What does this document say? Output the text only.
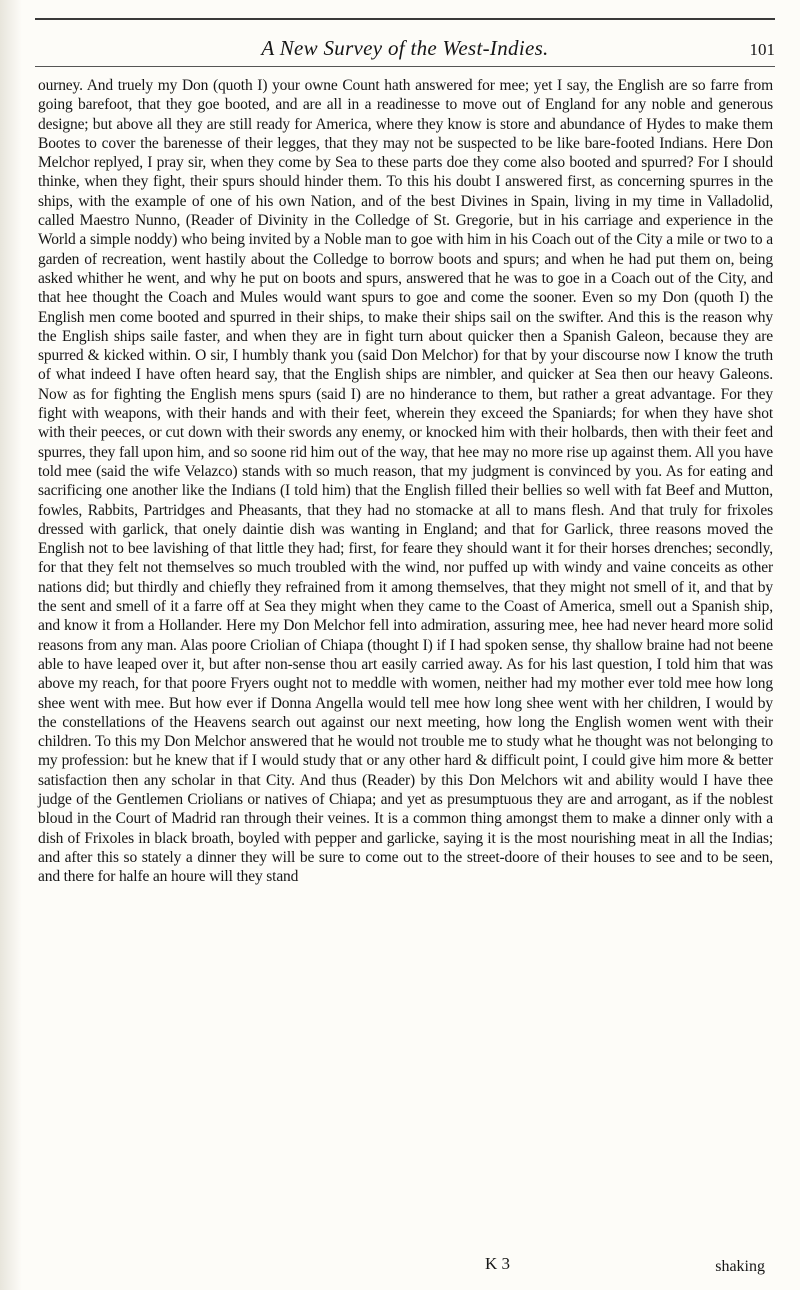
A New Survey of the West-Indies.	101

ourney. And truely my Don (quoth I) your owne Count hath answered for mee; yet I say, the English are so farre from going barefoot, that they goe booted, and are all in a readinesse to move out of England for any noble and generous designe; but above all they are still ready for America, where they know is store and abundance of Hydes to make them Bootes to cover the barenesse of their legges, that they may not be suspected to be like bare-footed Indians. Here Don Melchor replyed, I pray sir, when they come by Sea to these parts doe they come also booted and spurred? For I should thinke, when they fight, their spurs should hinder them. To this his doubt I answered first, as concerning spurres in the ships, with the example of one of his own Nation, and of the best Divines in Spain, living in my time in Valladolid, called Maestro Nunno, (Reader of Divinity in the Colledge of St. Gregorie, but in his carriage and experience in the World a simple noddy) who being invited by a Noble man to goe with him in his Coach out of the City a mile or two to a garden of recreation, went hastily about the Colledge to borrow boots and spurs; and when he had put them on, being asked whither he went, and why he put on boots and spurs, answered that he was to goe in a Coach out of the City, and that hee thought the Coach and Mules would want spurs to goe and come the sooner. Even so my Don (quoth I) the English men come booted and spurred in their ships, to make their ships sail on the swifter. And this is the reason why the English ships saile faster, and when they are in fight turn about quicker then a Spanish Galeon, because they are spurred & kicked within. O sir, I humbly thank you (said Don Melchor) for that by your discourse now I know the truth of what indeed I have often heard say, that the English ships are nimbler, and quicker at Sea then our heavy Galeons. Now as for fighting the English mens spurs (said I) are no hinderance to them, but rather a great advantage. For they fight with weapons, with their hands and with their feet, wherein they exceed the Spaniards; for when they have shot with their peeces, or cut down with their swords any enemy, or knocked him with their holbards, then with their feet and spurres, they fall upon him, and so soone rid him out of the way, that hee may no more rise up against them. All you have told mee (said the wife Velazco) stands with so much reason, that my judgment is convinced by you. As for eating and sacrificing one another like the Indians (I told him) that the English filled their bellies so well with fat Beef and Mutton, fowles, Rabbits, Partridges and Pheasants, that they had no stomacke at all to mans flesh. And that truly for frixoles dressed with garlick, that onely daintie dish was wanting in England; and that for Garlick, three reasons moved the English not to bee lavishing of that little they had; first, for feare they should want it for their horses drenches; secondly, for that they felt not themselves so much troubled with the wind, nor puffed up with windy and vaine conceits as other nations did; but thirdly and chiefly they refrained from it among themselves, that they might not smell of it, and that by the sent and smell of it a farre off at Sea they might when they came to the Coast of America, smell out a Spanish ship, and know it from a Hollander. Here my Don Melchor fell into admiration, assuring mee, hee had never heard more solid reasons from any man. Alas poore Criolian of Chiapa (thought I) if I had spoken sense, thy shallow braine had not beene able to have leaped over it, but after non-sense thou art easily carried away. As for his last question, I told him that was above my reach, for that poore Fryers ought not to meddle with women, neither had my mother ever told mee how long shee went with mee. But how ever if Donna Angella would tell mee how long shee went with her children, I would by the constellations of the Heavens search out against our next meeting, how long the English women went with their children. To this my Don Melchor answered that he would not trouble me to study what he thought was not belonging to my profession: but he knew that if I would study that or any other hard & difficult point, I could give him more & better satisfaction then any scholar in that City. And thus (Reader) by this Don Melchors wit and ability would I have thee judge of the Gentlemen Criolians or natives of Chiapa; and yet as presumptuous they are and arrogant, as if the noblest bloud in the Court of Madrid ran through their veines. It is a common thing amongst them to make a dinner only with a dish of Frixoles in black broath, boyled with pepper and garlicke, saying it is the most nourishing meat in all the Indias; and after this so stately a dinner they will be sure to come out to the street-doore of their houses to see and to be seen, and there for halfe an houre will they stand

K 3	shaking
